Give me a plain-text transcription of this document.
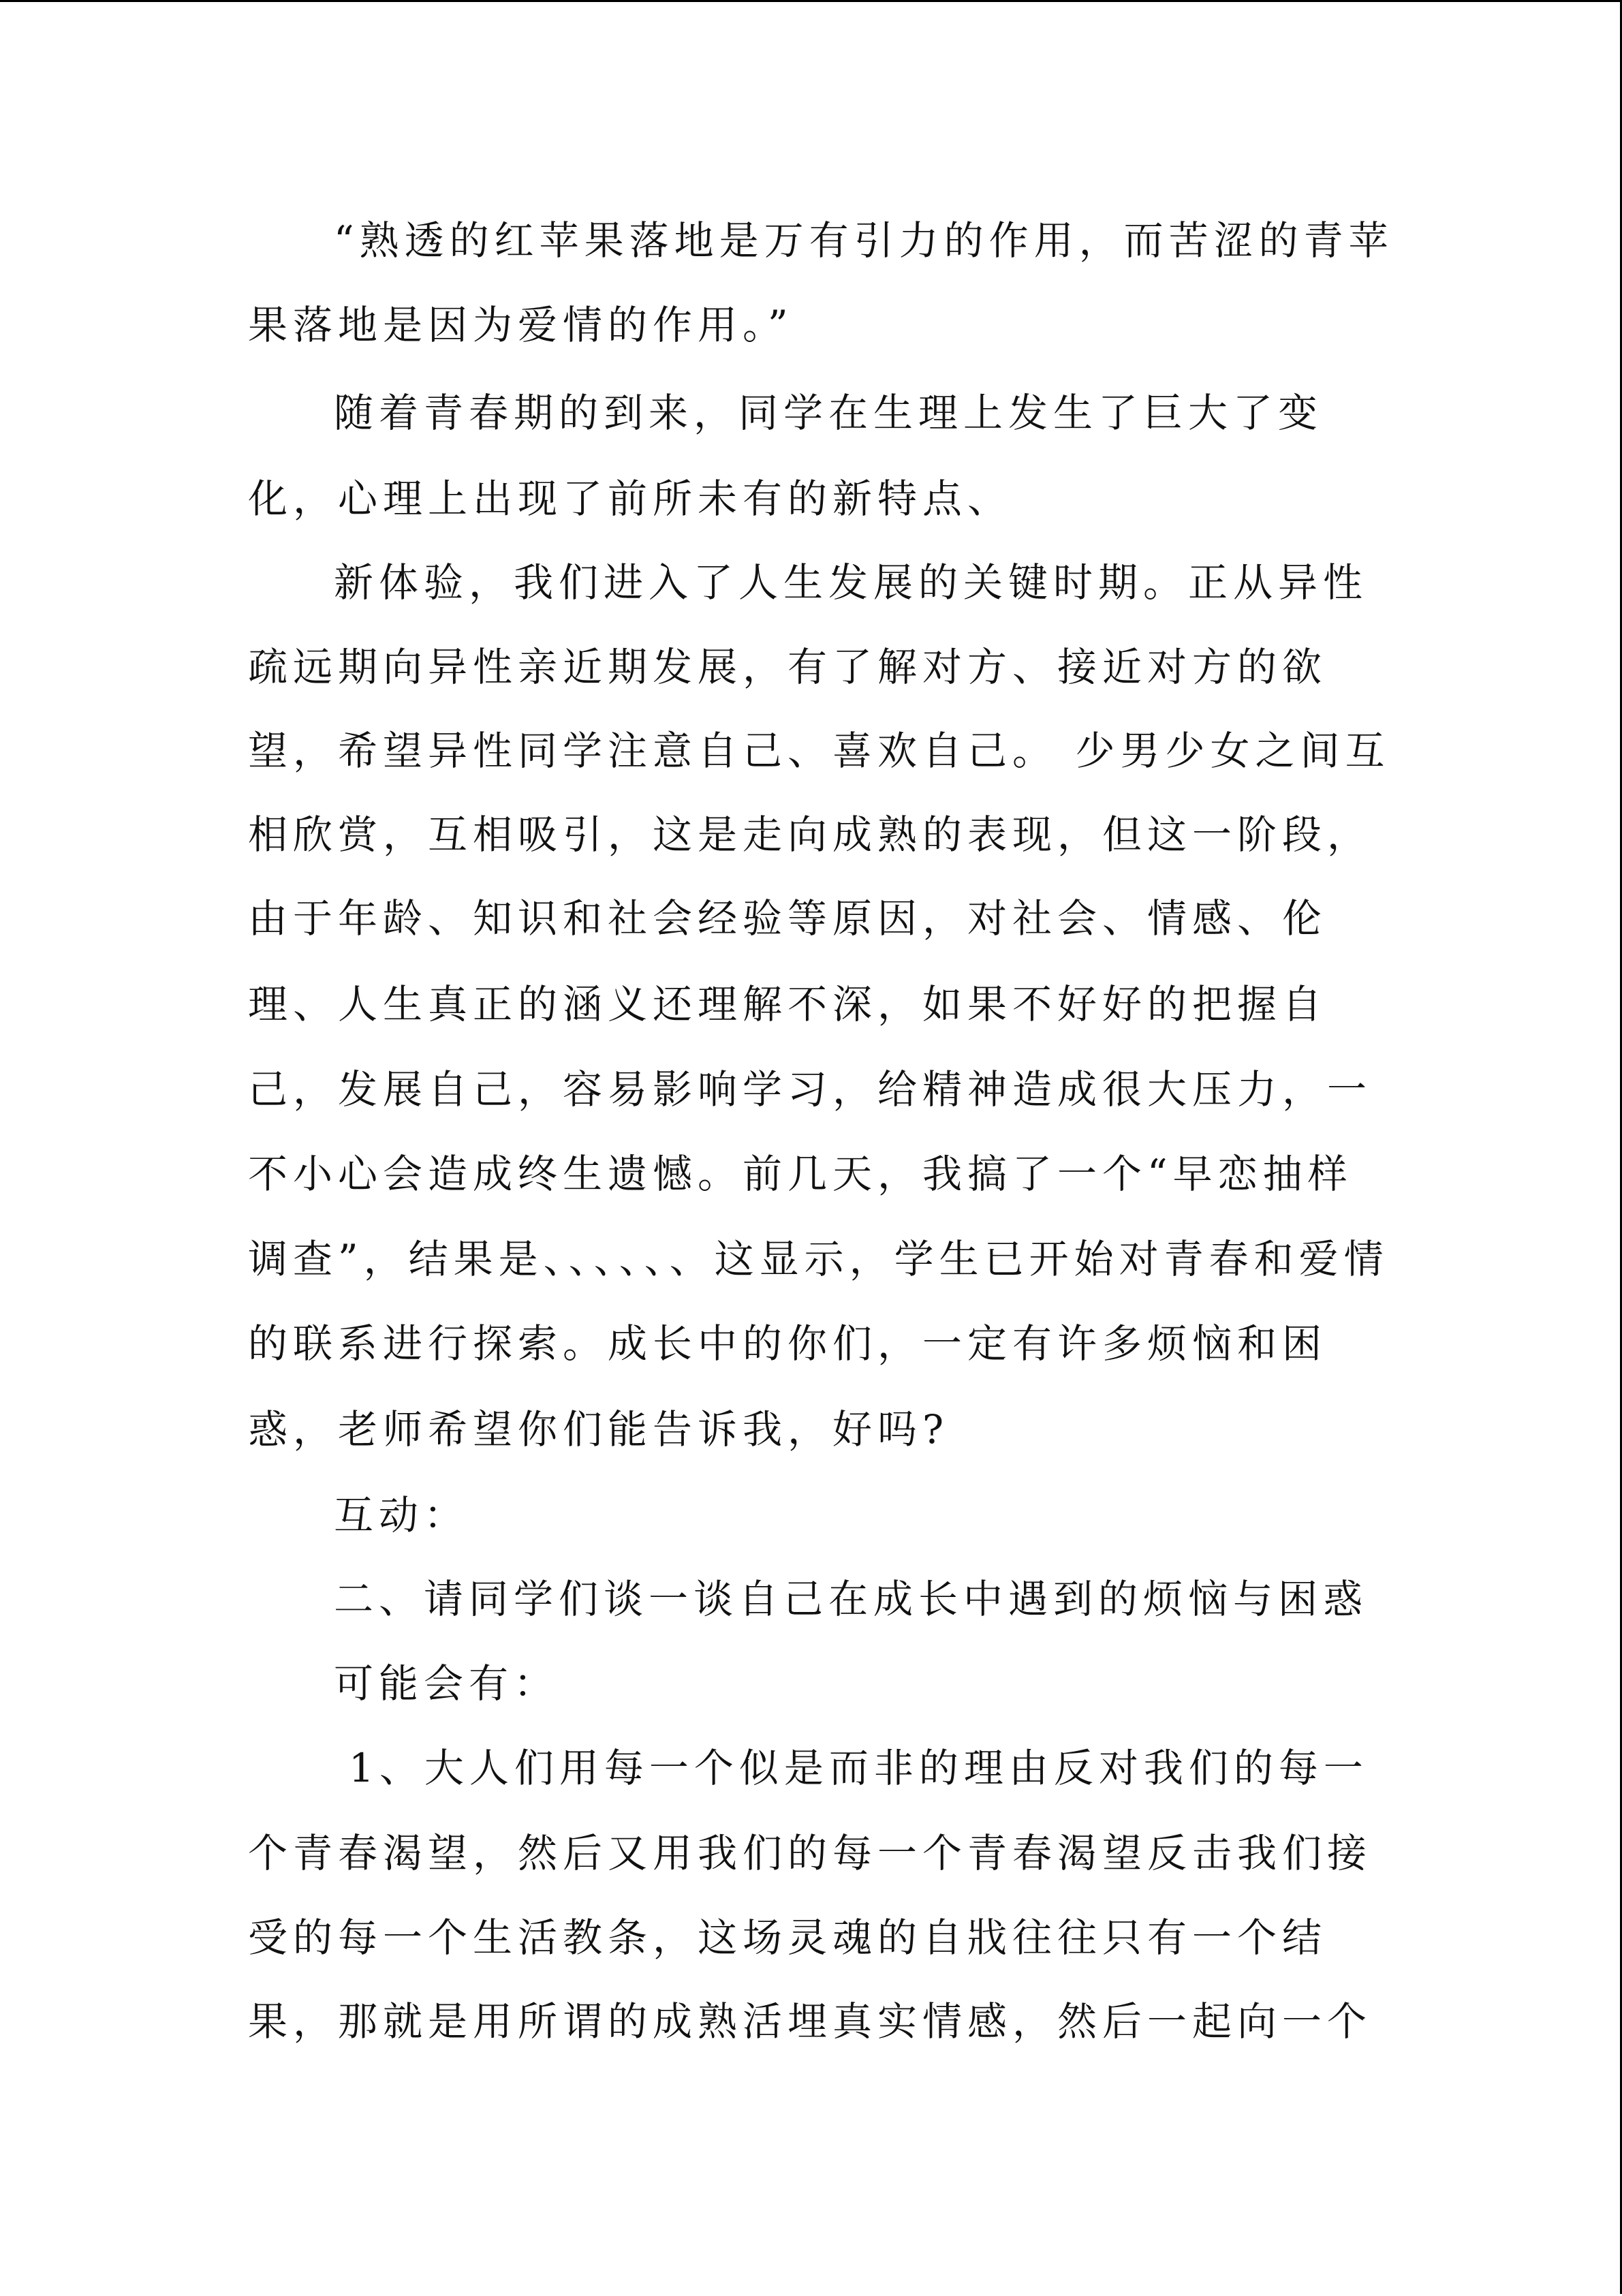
“熟透的红苹果落地是万有引力的作用，而苦涩的青苹

果落地是因为爱情的作用。”

随着青春期的到来，同学在生理上发生了巨大了变

化，心理上出现了前所未有的新特点、

新体验，我们进入了人生发展的关键时期。正从异性

疏远期向异性亲近期发展，有了解对方、接近对方的欲

望，希望异性同学注意自己、喜欢自己。 少男少女之间互

相欣赏，互相吸引，这是走向成熟的表现，但这一阶段，

由于年龄、知识和社会经验等原因，对社会、情感、伦

理、人生真正的涵义还理解不深，如果不好好的把握自

己，发展自己，容易影响学习，给精神造成很大压力，一

不小心会造成终生遗憾。前几天，我搞了一个“早恋抽样

调查”，结果是、、、、、、这显示，学生已开始对青春和爱情

的联系进行探索。成长中的你们，一定有许多烦恼和困

惑，老师希望你们能告诉我，好吗?

互动：

二、请同学们谈一谈自己在成长中遇到的烦恼与困惑

可能会有：

1、大人们用每一个似是而非的理由反对我们的每一

个青春渴望，然后又用我们的每一个青春渴望反击我们接

受的每一个生活教条，这场灵魂的自戕往往只有一个结

果，那就是用所谓的成熟活埋真实情感，然后一起向一个
